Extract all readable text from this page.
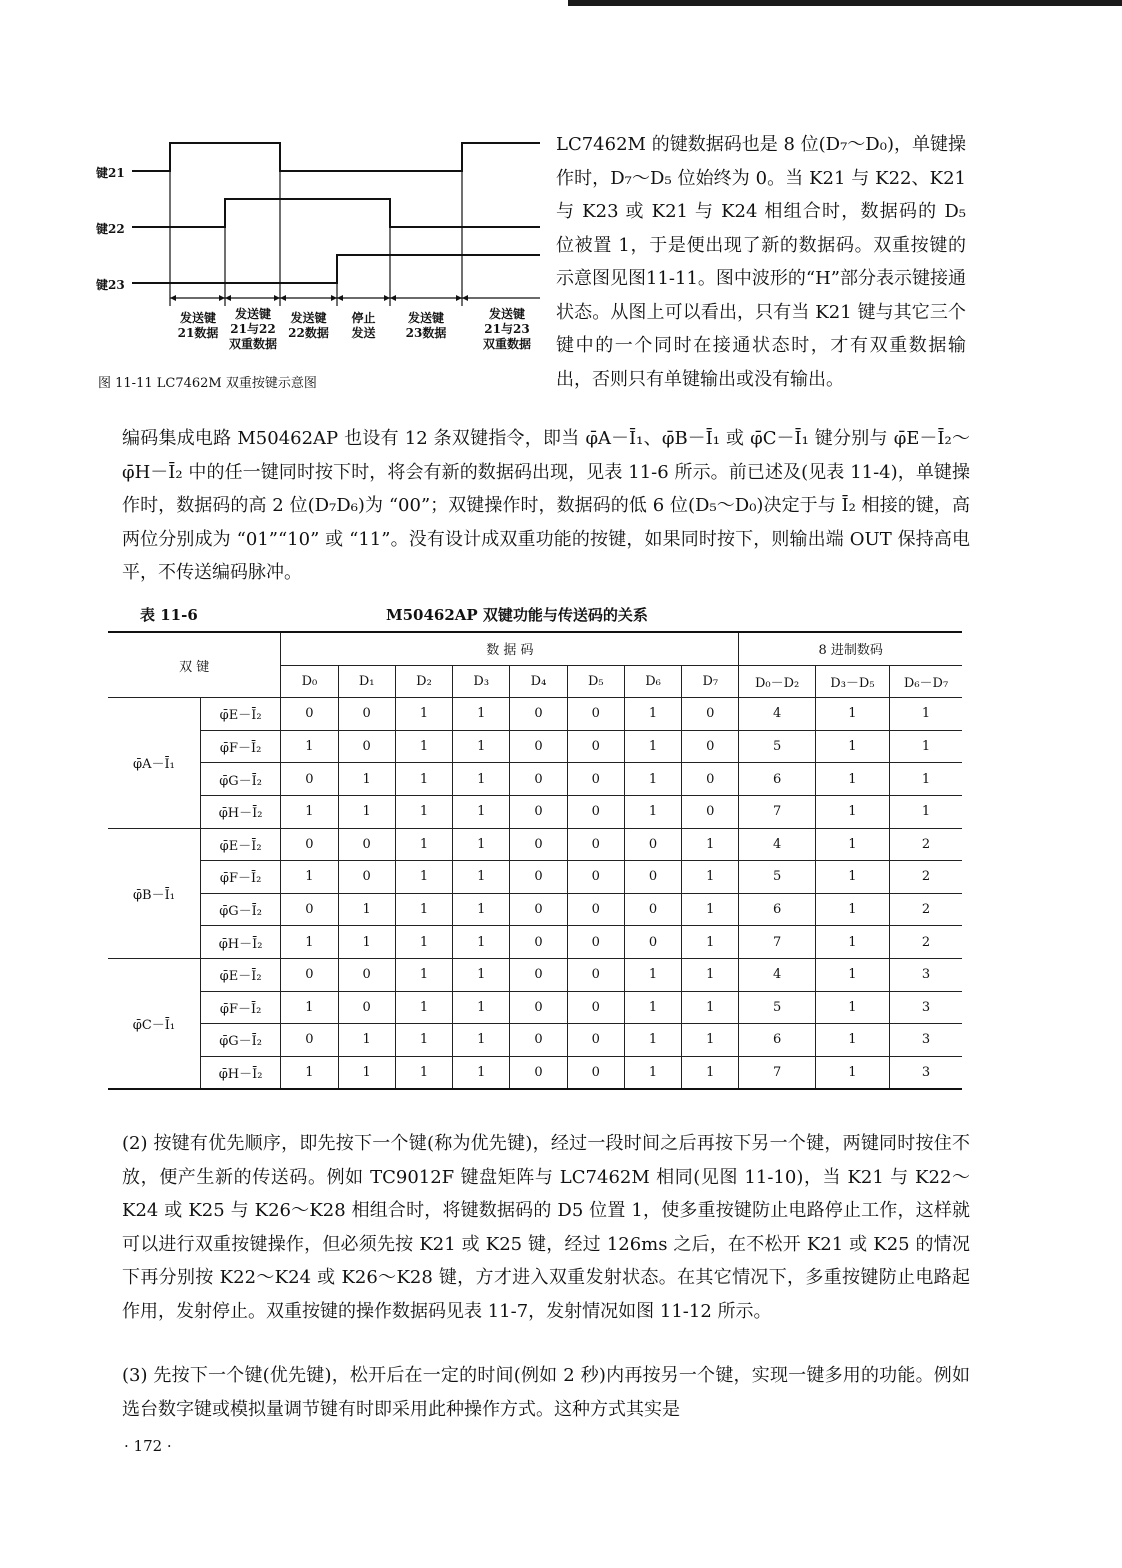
键21
键22
键23
发送键
21数据
发送键
21与22
双重数据
发送键
22数据
停止
发送
发送键
23数据
发送键
21与23
双重数据
图 11-11 LC7462M 双重按键示意图
LC7462M 的键数据码也是 8 位(D₇～D₀)，单键操作时，D₇～D₅ 位始终为 0。当 K21 与 K22、K21 与 K23 或 K21 与 K24 相组合时，数据码的 D₅ 位被置 1，于是便出现了新的数据码。双重按键的示意图见图11-11。图中波形的“H”部分表示键接通状态。从图上可以看出，只有当 K21 键与其它三个键中的一个同时在接通状态时，才有双重数据输出，否则只有单键输出或没有输出。
编码集成电路 M50462AP 也设有 12 条双键指令，即当 φ̄A－Ī₁、φ̄B－Ī₁ 或 φ̄C－Ī₁ 键分别与 φ̄E－Ī₂～φ̄H－Ī₂ 中的任一键同时按下时，将会有新的数据码出现，见表 11-6 所示。前已述及(见表 11-4)，单键操作时，数据码的高 2 位(D₇D₆)为 “00”；双键操作时，数据码的低 6 位(D₅～D₀)决定于与 Ī₂ 相接的键，高两位分别成为 “01”“10” 或 “11”。没有设计成双重功能的按键，如果同时按下，则输出端 OUT 保持高电平，不传送编码脉冲。
表 11-6	M50462AP 双键功能与传送码的关系
双 键		数 据 码								8 进制数码		
		D₀	D₁	D₂	D₃	D₄	D₅	D₆	D₇	D₀－D₂	D₃－D₅	D₆－D₇
φ̄A－Ī₁	φ̄E－Ī₂	0	0	1	1	0	0	1	0	4	1	1
	φ̄F－Ī₂	1	0	1	1	0	0	1	0	5	1	1
	φ̄G－Ī₂	0	1	1	1	0	0	1	0	6	1	1
	φ̄H－Ī₂	1	1	1	1	0	0	1	0	7	1	1
φ̄B－Ī₁	φ̄E－Ī₂	0	0	1	1	0	0	0	1	4	1	2
	φ̄F－Ī₂	1	0	1	1	0	0	0	1	5	1	2
	φ̄G－Ī₂	0	1	1	1	0	0	0	1	6	1	2
	φ̄H－Ī₂	1	1	1	1	0	0	0	1	7	1	2
φ̄C－Ī₁	φ̄E－Ī₂	0	0	1	1	0	0	1	1	4	1	3
	φ̄F－Ī₂	1	0	1	1	0	0	1	1	5	1	3
	φ̄G－Ī₂	0	1	1	1	0	0	1	1	6	1	3
	φ̄H－Ī₂	1	1	1	1	0	0	1	1	7	1	3
(2) 按键有优先顺序，即先按下一个键(称为优先键)，经过一段时间之后再按下另一个键，两键同时按住不放，便产生新的传送码。例如 TC9012F 键盘矩阵与 LC7462M 相同(见图 11-10)，当 K21 与 K22～K24 或 K25 与 K26～K28 相组合时，将键数据码的 D5 位置 1，使多重按键防止电路停止工作，这样就可以进行双重按键操作，但必须先按 K21 或 K25 键，经过 126ms 之后，在不松开 K21 或 K25 的情况下再分别按 K22～K24 或 K26～K28 键，方才进入双重发射状态。在其它情况下，多重按键防止电路起作用，发射停止。双重按键的操作数据码见表 11-7，发射情况如图 11-12 所示。
(3) 先按下一个键(优先键)，松开后在一定的时间(例如 2 秒)内再按另一个键，实现一键多用的功能。例如选台数字键或模拟量调节键有时即采用此种操作方式。这种方式其实是
· 172 ·
